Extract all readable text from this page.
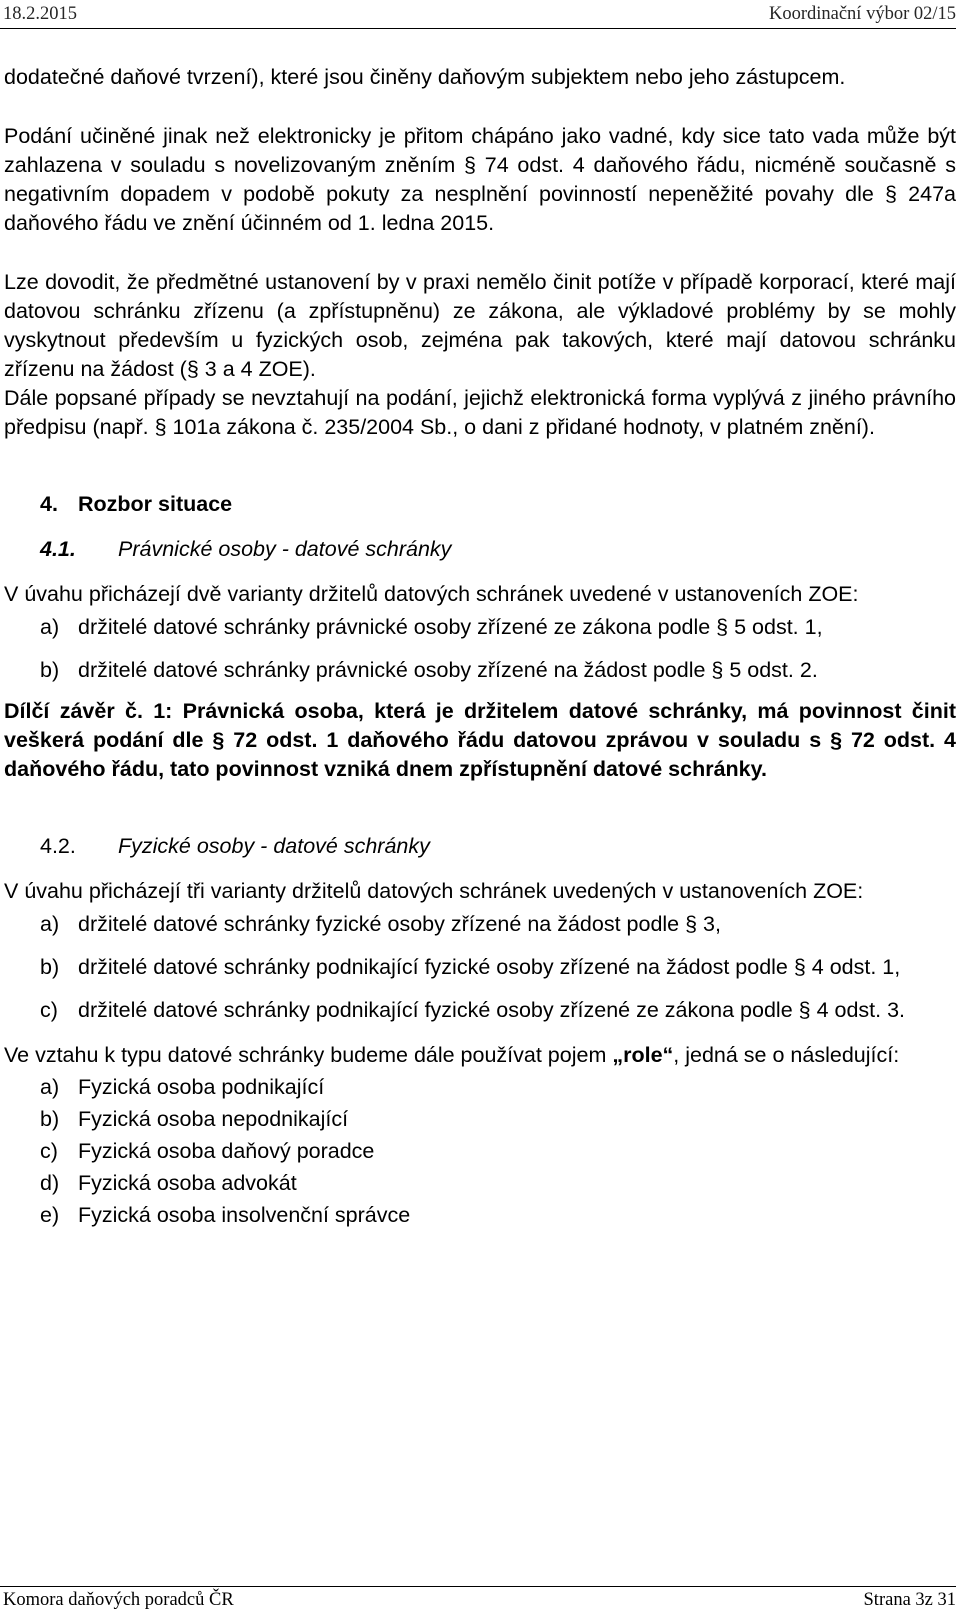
18.2.2015	Koordinační výbor 02/15

dodatečné daňové tvrzení), které jsou činěny daňovým subjektem nebo jeho zástupcem.

Podání učiněné jinak než elektronicky je přitom chápáno jako vadné, kdy sice tato vada může být zahlazena v souladu s novelizovaným zněním § 74 odst. 4 daňového řádu, nicméně současně s negativním dopadem v podobě pokuty za nesplnění povinností nepeněžité povahy dle § 247a daňového řádu ve znění účinném od 1. ledna 2015.

Lze dovodit, že předmětné ustanovení by v praxi nemělo činit potíže v případě korporací, které mají datovou schránku zřízenu (a zpřístupněnu) ze zákona, ale výkladové problémy by se mohly vyskytnout především u fyzických osob, zejména pak takových, které mají datovou schránku zřízenu na žádost (§ 3 a 4 ZOE).

Dále popsané případy se nevztahují na podání, jejichž elektronická forma vyplývá z jiného právního předpisu (např. § 101a zákona č. 235/2004 Sb., o dani z přidané hodnoty, v platném znění).

4. Rozbor situace

4.1. Právnické osoby - datové schránky

V úvahu přicházejí dvě varianty držitelů datových schránek uvedené v ustanoveních ZOE:

a) držitelé datové schránky právnické osoby zřízené ze zákona podle § 5 odst. 1,
b) držitelé datové schránky právnické osoby zřízené na žádost podle § 5 odst. 2.

Dílčí závěr č. 1: Právnická osoba, která je držitelem datové schránky, má povinnost činit veškerá podání dle § 72 odst. 1 daňového řádu datovou zprávou v souladu s § 72 odst. 4 daňového řádu, tato povinnost vzniká dnem zpřístupnění datové schránky.

4.2. Fyzické osoby - datové schránky

V úvahu přicházejí tři varianty držitelů datových schránek uvedených v ustanoveních ZOE:

a) držitelé datové schránky fyzické osoby zřízené na žádost podle § 3,
b) držitelé datové schránky podnikající fyzické osoby zřízené na žádost podle § 4 odst. 1,
c) držitelé datové schránky podnikající fyzické osoby zřízené ze zákona podle § 4 odst. 3.

Ve vztahu k typu datové schránky budeme dále používat pojem „role“, jedná se o následující:

a) Fyzická osoba podnikající
b) Fyzická osoba nepodnikající
c) Fyzická osoba daňový poradce
d) Fyzická osoba advokát
e) Fyzická osoba insolvenční správce
Komora daňových poradců ČR	Strana 3z 31
